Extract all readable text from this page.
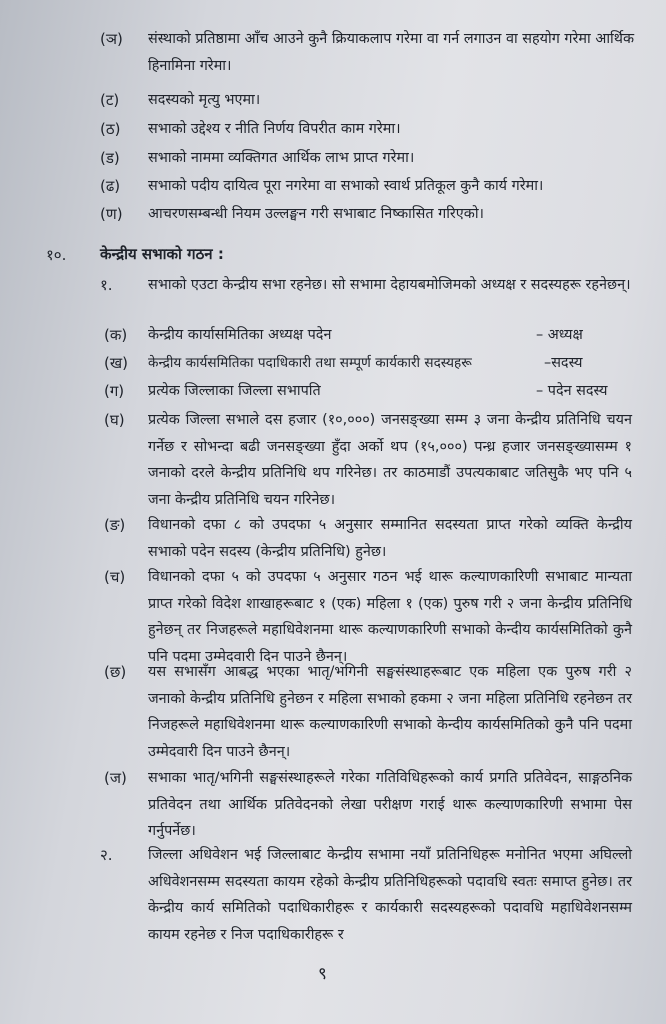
(ञ) संस्थाको प्रतिष्ठामा आँच आउने कुनै क्रियाकलाप गरेमा वा गर्न लगाउन वा सहयोग गरेमा आर्थिक हिनामिना गरेमा।
(ट) सदस्यको मृत्यु भएमा।
(ठ) सभाको उद्देश्य र नीति निर्णय विपरीत काम गरेमा।
(ड) सभाको नाममा व्यक्तिगत आर्थिक लाभ प्राप्त गरेमा।
(ढ) सभाको पदीय दायित्व पूरा नगरेमा वा सभाको स्वार्थ प्रतिकूल कुनै कार्य गरेमा।
(ण) आचरणसम्बन्धी नियम उल्लङ्घन गरी सभाबाट निष्कासित गरिएको।
१०. केन्द्रीय सभाको गठन :
१. सभाको एउटा केन्द्रीय सभा रहनेछ। सो सभामा देहायबमोजिमको अध्यक्ष र सदस्यहरू रहनेछन्।
(क) केन्द्रीय कार्यासमितिका अध्यक्ष पदेन	– अध्यक्ष
(ख) केन्द्रीय कार्यसमितिका पदाधिकारी तथा सम्पूर्ण कार्यकारी सदस्यहरू	–सदस्य
(ग) प्रत्येक जिल्लाका जिल्ला सभापति	– पदेन सदस्य
(घ) प्रत्येक जिल्ला सभाले दस हजार (१०,०००) जनसङ्ख्या सम्म ३ जना केन्द्रीय प्रतिनिधि चयन गर्नेछ र सोभन्दा बढी जनसङ्ख्या हुँदा अर्को थप (१५,०००) पन्ध्र हजार जनसङ्ख्यासम्म १ जनाको दरले केन्द्रीय प्रतिनिधि थप गरिनेछ। तर काठमाडौं उपत्यकाबाट जतिसुकै भए पनि ५ जना केन्द्रीय प्रतिनिधि चयन गरिनेछ।
(ङ) विधानको दफा ८ को उपदफा ५ अनुसार सम्मानित सदस्यता प्राप्त गरेको व्यक्ति केन्द्रीय सभाको पदेन सदस्य (केन्द्रीय प्रतिनिधि) हुनेछ।
(च) विधानको दफा ५ को उपदफा ५ अनुसार गठन भई थारू कल्याणकारिणी सभाबाट मान्यता प्राप्त गरेको विदेश शाखाहरूबाट १ (एक) महिला १ (एक) पुरुष गरी २ जना केन्द्रीय प्रतिनिधि हुनेछन् तर निजहरूले महाधिवेशनमा थारू कल्याणकारिणी सभाको केन्दीय कार्यसमितिको कुनै पनि पदमा उम्मेदवारी दिन पाउने छैनन्।
(छ) यस सभासँग आबद्ध भएका भातृ/भगिनी सङ्घसंस्थाहरूबाट एक महिला एक पुरुष गरी २ जनाको केन्द्रीय प्रतिनिधि हुनेछन र महिला सभाको हकमा २ जना महिला प्रतिनिधि रहनेछन तर निजहरूले महाधिवेशनमा थारू कल्याणकारिणी सभाको केन्दीय कार्यसमितिको कुनै पनि पदमा उम्मेदवारी दिन पाउने छैनन्।
(ज) सभाका भातृ/भगिनी सङ्घसंस्थाहरूले गरेका गतिविधिहरूको कार्य प्रगति प्रतिवेदन, साङ्गठनिक प्रतिवेदन तथा आर्थिक प्रतिवेदनको लेखा परीक्षण गराई थारू कल्याणकारिणी सभामा पेस गर्नुपर्नेछ।
२. जिल्ला अधिवेशन भई जिल्लाबाट केन्द्रीय सभामा नयाँ प्रतिनिधिहरू मनोनित भएमा अघिल्लो अधिवेशनसम्म सदस्यता कायम रहेको केन्द्रीय प्रतिनिधिहरूको पदावधि स्वतः समाप्त हुनेछ। तर केन्द्रीय कार्य समितिको पदाधिकारीहरू र कार्यकारी सदस्यहरूको पदावधि महाधिवेशनसम्म कायम रहनेछ र निज पदाधिकारीहरू र
९
